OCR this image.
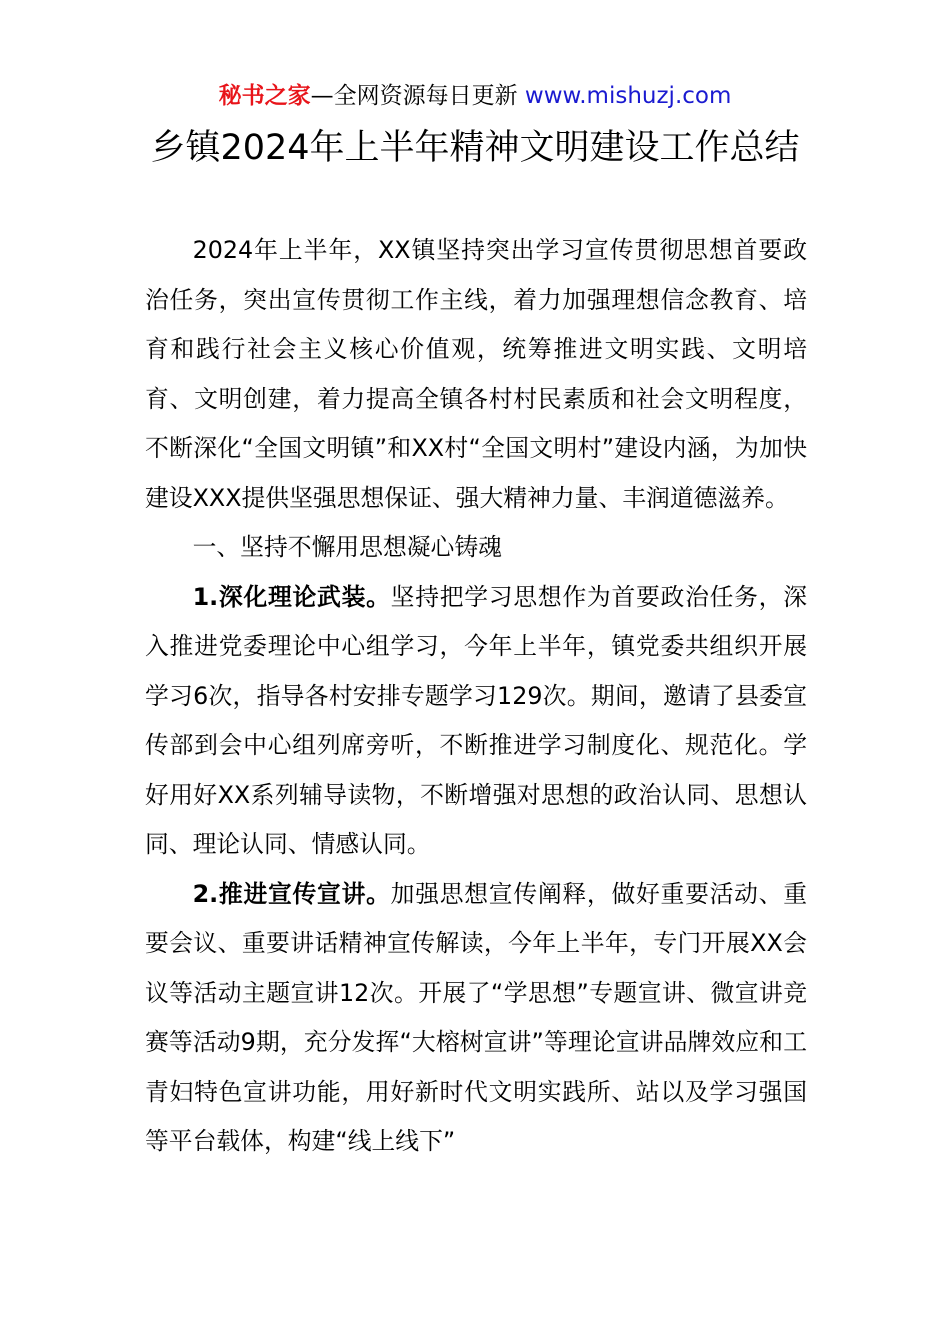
秘书之家—全网资源每日更新 www.mishuzj.com
乡镇2024年上半年精神文明建设工作总结

2024年上半年，XX镇坚持突出学习宣传贯彻思想首要政治任务，突出宣传贯彻工作主线，着力加强理想信念教育、培育和践行社会主义核心价值观，统筹推进文明实践、文明培育、文明创建，着力提高全镇各村村民素质和社会文明程度，不断深化“全国文明镇”和XX村“全国文明村”建设内涵，为加快建设XXX提供坚强思想保证、强大精神力量、丰润道德滋养。

一、坚持不懈用思想凝心铸魂

1.深化理论武装。坚持把学习思想作为首要政治任务，深入推进党委理论中心组学习，今年上半年，镇党委共组织开展学习6次，指导各村安排专题学习129次。期间，邀请了县委宣传部到会中心组列席旁听，不断推进学习制度化、规范化。学好用好XX系列辅导读物，不断增强对思想的政治认同、思想认同、理论认同、情感认同。

2.推进宣传宣讲。加强思想宣传阐释，做好重要活动、重要会议、重要讲话精神宣传解读，今年上半年，专门开展XX会议等活动主题宣讲12次。开展了“学思想”专题宣讲、微宣讲竞赛等活动9期，充分发挥“大榕树宣讲”等理论宣讲品牌效应和工青妇特色宣讲功能，用好新时代文明实践所、站以及学习强国等平台载体，构建“线上线下”
